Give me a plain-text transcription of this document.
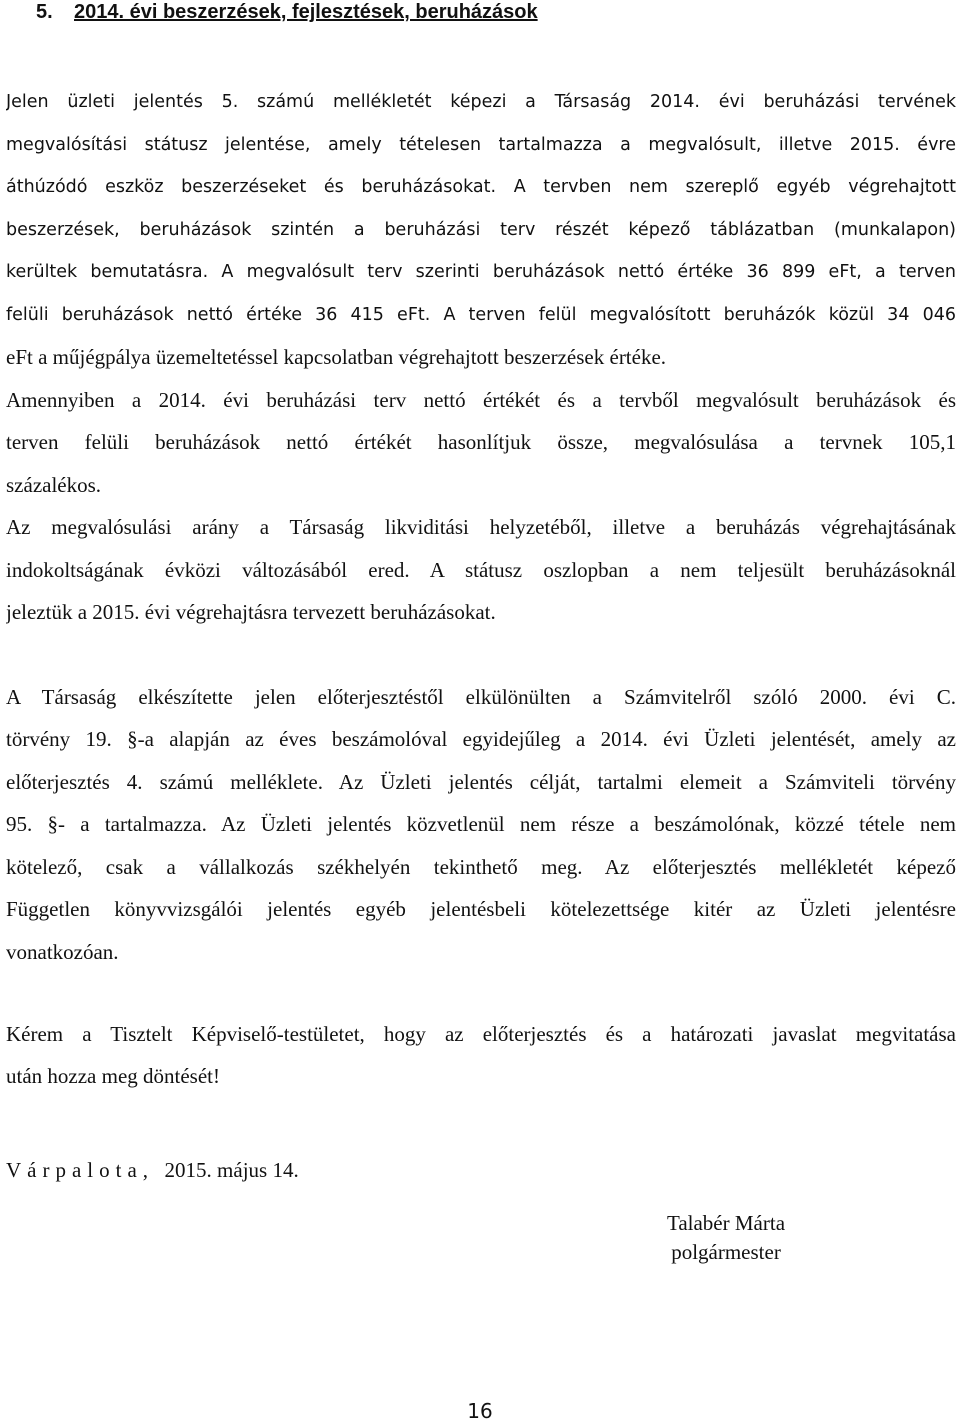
5. 2014. évi beszerzések, fejlesztések, beruházások
Jelen üzleti jelentés 5. számú mellékletét képezi a Társaság 2014. évi beruházási tervének
megvalósítási státusz jelentése, amely tételesen tartalmazza a megvalósult, illetve 2015. évre
áthúzódó eszköz beszerzéseket és beruházásokat. A tervben nem szereplő egyéb végrehajtott
beszerzések, beruházások szintén a beruházási terv részét képező táblázatban (munkalapon)
kerültek bemutatásra. A megvalósult terv szerinti beruházások nettó értéke 36 899 eFt, a terven
felüli beruházások nettó értéke 36 415 eFt. A terven felül megvalósított beruházók közül 34 046
eFt a műjégpálya üzemeltetéssel kapcsolatban végrehajtott beszerzések értéke.
Amennyiben a 2014. évi beruházási terv nettó értékét és a tervből megvalósult beruházások és
terven felüli beruházások nettó értékét hasonlítjuk össze, megvalósulása a tervnek 105,1
százalékos.
Az megvalósulási arány a Társaság likviditási helyzetéből, illetve a beruházás végrehajtásának
indokoltságának évközi változásából ered. A státusz oszlopban a nem teljesült beruházásoknál
jeleztük a 2015. évi végrehajtásra tervezett beruházásokat.
A Társaság elkészítette jelen előterjesztéstől elkülönülten a Számvitelről szóló 2000. évi C.
törvény 19. §-a alapján az éves beszámolóval egyidejűleg a 2014. évi Üzleti jelentését, amely az
előterjesztés 4. számú melléklete. Az Üzleti jelentés célját, tartalmi elemeit a Számviteli törvény
95. §- a tartalmazza. Az Üzleti jelentés közvetlenül nem része a beszámolónak, közzé tétele nem
kötelező, csak a vállalkozás székhelyén tekinthető meg. Az előterjesztés mellékletét képező
Független könyvvizsgálói jelentés egyéb jelentésbeli kötelezettsége kitér az Üzleti jelentésre
vonatkozóan.
Kérem a Tisztelt Képviselő-testületet, hogy az előterjesztés és a határozati javaslat megvitatása
után hozza meg döntését!
Várpalota, 2015. május 14.
Talabér Márta
polgármester
16
